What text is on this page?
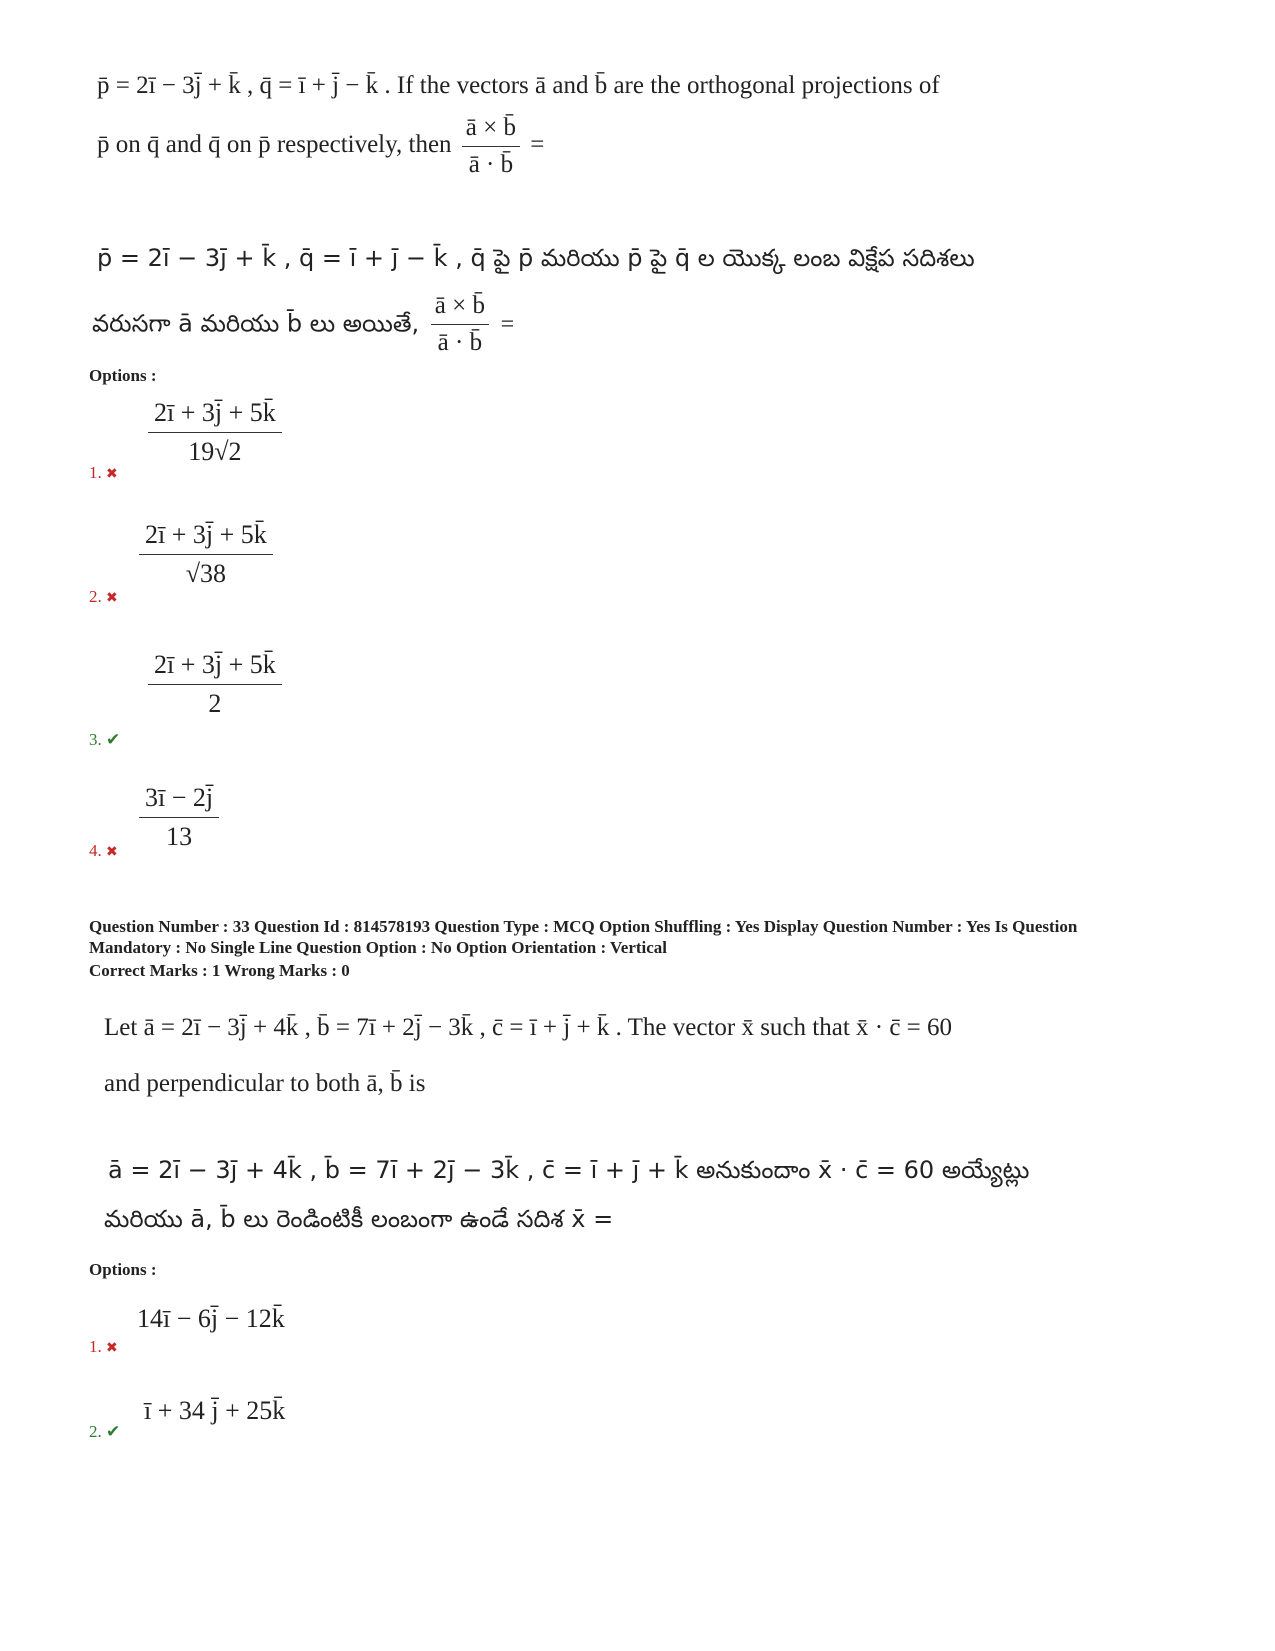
p̄ = 2ī − 3j̄ + k̄ , q̄ = ī + j̄ − k̄ . If the vectors ā and b̄ are the orthogonal projections of
p̄ on q̄ and q̄ on p̄ respectively, then $\frac{ā \times b̄}{ā \cdot b̄}$ =
p̄ = 2ī − 3j̄ + k̄ , q̄ = ī + j̄ − k̄ , q̄ పై p̄ మరియు p̄ పై q̄ ల యొక్క లంబ విక్షేప సదిశలు
వరుసగా ā మరియు b̄ లు అయితే, $\frac{ā \times b̄}{ā \cdot b̄}$ =
Options :
$\frac{2ī + 3j̄ + 5k̄}{19√2}$
1. ✖
$\frac{2ī + 3j̄ + 5k̄}{√38}$
2. ✖
$\frac{2ī + 3j̄ + 5k̄}{2}$
3. ✔
$\frac{3ī - 2j̄}{13}$
4. ✖
Question Number : 33 Question Id : 814578193 Question Type : MCQ Option Shuffling : Yes Display Question Number : Yes Is Question
Mandatory : No Single Line Question Option : No Option Orientation : Vertical
Correct Marks : 1 Wrong Marks : 0
Let ā = 2ī − 3j̄ + 4k̄ , b̄ = 7ī + 2j̄ − 3k̄ , c̄ = ī + j̄ + k̄ . The vector x̄ such that x̄ · c̄ = 60
and perpendicular to both ā, b̄ is
ā = 2ī − 3j̄ + 4k̄ , b̄ = 7ī + 2j̄ − 3k̄ , c̄ = ī + j̄ + k̄ అనుకుందాం x̄ · c̄ = 60 అయ్యేట్లు
మరియు ā, b̄ లు రెండింటికీ లంబంగా ఉండే సదిశ x̄ =
Options :
14ī − 6j̄ − 12k̄
1. ✖
ī + 34 j̄ + 25k̄
2. ✔
